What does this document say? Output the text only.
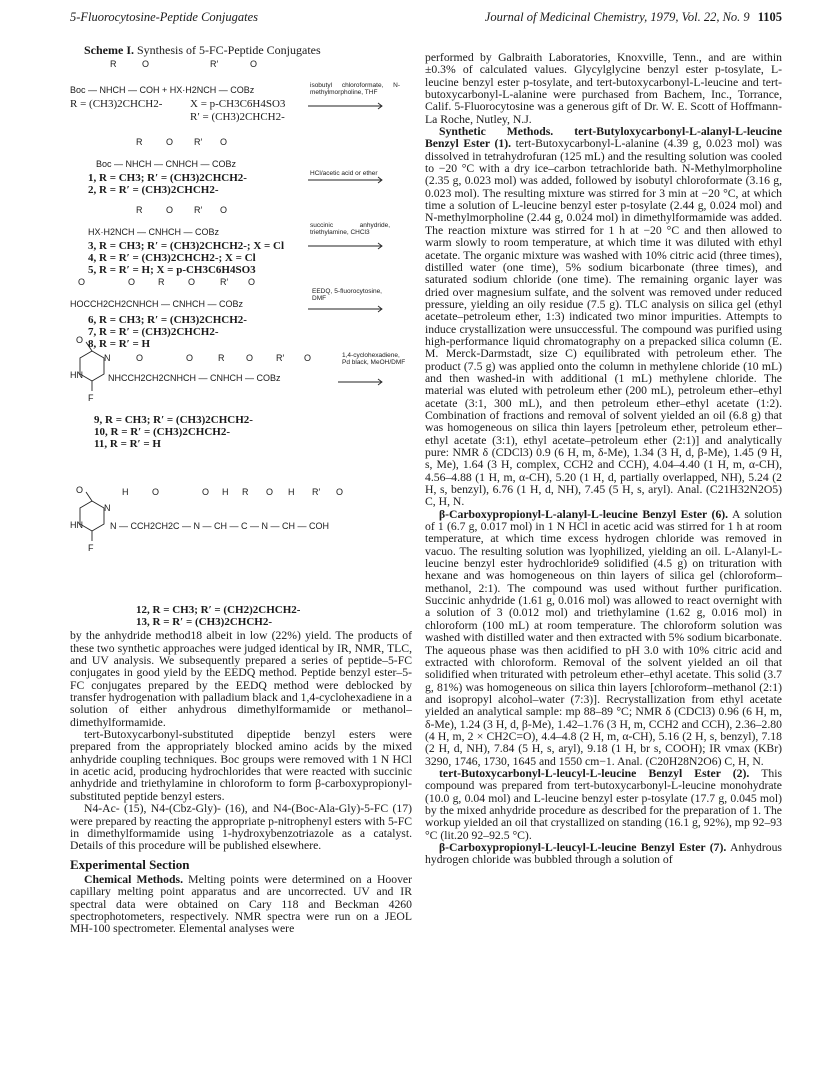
5-Fluorocytosine-Peptide Conjugates	Journal of Medicinal Chemistry, 1979, Vol. 22, No. 9 1105

Scheme I. Synthesis of 5-FC-Peptide Conjugates

R	O	R′	O
Boc — NHCH — COH + HX·H2NCH — COBz	isobutyl chloroformate, N-methylmorpholine, THF
R = (CH3)2CHCH2-	X = p-CH3C6H4SO3
R′ = (CH3)2CHCH2-
R	O R′ O
Boc — NHCH — CNHCH — COBz
HCl/acetic acid or ether
1, R = CH3; R′ = (CH3)2CHCH2-
2, R = R′ = (CH3)2CHCH2-
R	O R′ O
HX·H2NCH — CNHCH — COBz
succinic anhydride, triethylamine, CHCl3
3, R = CH3; R′ = (CH3)2CHCH2-; X = Cl
4, R = R′ = (CH3)2CHCH2-; X = Cl
5, R = R′ = H; X = p-CH3C6H4SO3
O	O	R	O	R′ O
HOCCH2CH2CNHCH — CNHCH — COBz
EEDQ, 5-fluorocytosine, DMF
6, R = CH3; R′ = (CH3)2CHCH2-
7, R = R′ = (CH3)2CHCH2-
8, R = R′ = H
O
N
HN
F
O	O	R O	R′ O
NHCCH2CH2CNHCH — CNHCH — COBz
1,4-cyclohexadiene, Pd black, MeOH/DMF
9, R = CH3; R′ = (CH3)2CHCH2-
10, R = R′ = (CH3)2CHCH2-
11, R = R′ = H
O
N
HN
F
H	O	O H R O H R′ O
N — CCH2CH2C — N — CH — C — N — CH — COH
12, R = CH3; R′ = (CH2)2CHCH2-
13, R = R′ = (CH3)2CHCH2-

by the anhydride method18 albeit in low (22%) yield. The products of these two synthetic approaches were judged identical by IR, NMR, TLC, and UV analysis. We subsequently prepared a series of peptide–5-FC conjugates in good yield by the EEDQ method. Peptide benzyl ester–5-FC conjugates prepared by the EEDQ method were deblocked by transfer hydrogenation with palladium black and 1,4-cyclohexadiene in a solution of either anhydrous dimethylformamide or methanol–dimethylformamide.

tert-Butoxycarbonyl-substituted dipeptide benzyl esters were prepared from the appropriately blocked amino acids by the mixed anhydride coupling techniques. Boc groups were removed with 1 N HCl in acetic acid, producing hydrochlorides that were reacted with succinic anhydride and triethylamine in chloroform to form β-carboxypropionyl-substituted peptide benzyl esters.

N4-Ac- (15), N4-(Cbz-Gly)- (16), and N4-(Boc-Ala-Gly)-5-FC (17) were prepared by reacting the appropriate p-nitrophenyl esters with 5-FC in dimethylformamide using 1-hydroxybenzotriazole as a catalyst. Details of this procedure will be published elsewhere.

Experimental Section

Chemical Methods. Melting points were determined on a Hoover capillary melting point apparatus and are uncorrected. UV and IR spectral data were obtained on Cary 118 and Beckman 4260 spectrophotometers, respectively. NMR spectra were run on a JEOL MH-100 spectrometer. Elemental analyses were

performed by Galbraith Laboratories, Knoxville, Tenn., and are within ±0.3% of calculated values. Glycylglycine benzyl ester p-tosylate, L-leucine benzyl ester p-tosylate, and tert-butoxycarbonyl-L-leucine and tert-butoxycarbonyl-L-alanine were purchased from Bachem, Inc., Torrance, Calif. 5-Fluorocytosine was a generous gift of Dr. W. E. Scott of Hoffmann-La Roche, Nutley, N.J.

Synthetic Methods. tert-Butyloxycarbonyl-L-alanyl-L-leucine Benzyl Ester (1). tert-Butoxycarbonyl-L-alanine (4.39 g, 0.023 mol) was dissolved in tetrahydrofuran (125 mL) and the resulting solution was cooled to −20 °C with a dry ice–carbon tetrachloride bath. N-Methylmorpholine (2.35 g, 0.023 mol) was added, followed by isobutyl chloroformate (3.16 g, 0.023 mol). The resulting mixture was stirred for 3 min at −20 °C, at which time a solution of L-leucine benzyl ester p-tosylate (2.44 g, 0.024 mol) and N-methylmorpholine (2.44 g, 0.024 mol) in dimethylformamide was added. The reaction mixture was stirred for 1 h at −20 °C and then allowed to warm slowly to room temperature, at which time it was diluted with ethyl acetate. The organic mixture was washed with 10% citric acid (three times), distilled water (one time), 5% sodium bicarbonate (three times), and saturated sodium chloride (one time). The remaining organic layer was dried over magnesium sulfate, and the solvent was removed under reduced pressure, yielding an oily residue (7.5 g). TLC analysis on silica gel (ethyl acetate–petroleum ether, 1:3) indicated two minor impurities. Attempts to induce crystallization were unsuccessful. The compound was purified using high-performance liquid chromatography on a prepacked silica column (E. M. Merck-Darmstadt, size C) equilibrated with petroleum ether. The product (7.5 g) was applied onto the column in methylene chloride (10 mL) and then washed-in with additional (1 mL) methylene chloride. The material was eluted with petroleum ether (200 mL), petroleum ether–ethyl acetate (3:1, 300 mL), and then petroleum ether–ethyl acetate (1:2). Combination of fractions and removal of solvent yielded an oil (6.8 g) that was homogeneous on silica thin layers [petroleum ether, petroleum ether–ethyl acetate (3:1), ethyl acetate–petroleum ether (2:1)] and analytically pure: NMR δ (CDCl3) 0.9 (6 H, m, δ-Me), 1.34 (3 H, d, β-Me), 1.45 (9 H, s, Me), 1.64 (3 H, complex, CCH2 and CCH), 4.04–4.40 (1 H, m, α-CH), 4.56–4.88 (1 H, m, α-CH), 5.20 (1 H, d, partially overlapped, NH), 5.24 (2 H, s, benzyl), 6.76 (1 H, d, NH), 7.45 (5 H, s, aryl). Anal. (C21H32N2O5) C, H, N.

β-Carboxypropionyl-L-alanyl-L-leucine Benzyl Ester (6). A solution of 1 (6.7 g, 0.017 mol) in 1 N HCl in acetic acid was stirred for 1 h at room temperature, at which time excess hydrogen chloride was removed in vacuo. The resulting solution was lyophilized, yielding an oil. L-Alanyl-L-leucine benzyl ester hydrochloride9 solidified (4.5 g) on trituration with hexane and was homogeneous on thin layers of silica gel (chloroform–methanol, 2:1). The compound was used without further purification. Succinic anhydride (1.61 g, 0.016 mol) was allowed to react overnight with a solution of 3 (0.012 mol) and triethylamine (1.62 g, 0.016 mol) in chloroform (100 mL) at room temperature. The chloroform solution was washed with distilled water and then extracted with 5% sodium bicarbonate. The aqueous phase was then acidified to pH 3.0 with 10% citric acid and extracted with chloroform. Removal of the solvent yielded an oil that solidified when triturated with petroleum ether–ethyl acetate. This solid (3.7 g, 81%) was homogeneous on silica thin layers [chloroform–methanol (2:1) and isopropyl alcohol–water (7:3)]. Recrystallization from ethyl acetate yielded an analytical sample: mp 88–89 °C; NMR δ (CDCl3) 0.96 (6 H, m, δ-Me), 1.24 (3 H, d, β-Me), 1.42–1.76 (3 H, m, CCH2 and CCH), 2.36–2.80 (4 H, m, 2 × CH2C=O), 4.4–4.8 (2 H, m, α-CH), 5.16 (2 H, s, benzyl), 7.18 (2 H, d, NH), 7.84 (5 H, s, aryl), 9.18 (1 H, br s, COOH); IR νmax (KBr) 3290, 1746, 1730, 1645 and 1550 cm−1. Anal. (C20H28N2O6) C, H, N.

tert-Butoxycarbonyl-L-leucyl-L-leucine Benzyl Ester (2). This compound was prepared from tert-butoxycarbonyl-L-leucine monohydrate (10.0 g, 0.04 mol) and L-leucine benzyl ester p-tosylate (17.7 g, 0.045 mol) by the mixed anhydride procedure as described for the preparation of 1. The workup yielded an oil that crystallized on standing (16.1 g, 92%), mp 92–93 °C (lit.20 92–92.5 °C).

β-Carboxypropionyl-L-leucyl-L-leucine Benzyl Ester (7). Anhydrous hydrogen chloride was bubbled through a solution of
